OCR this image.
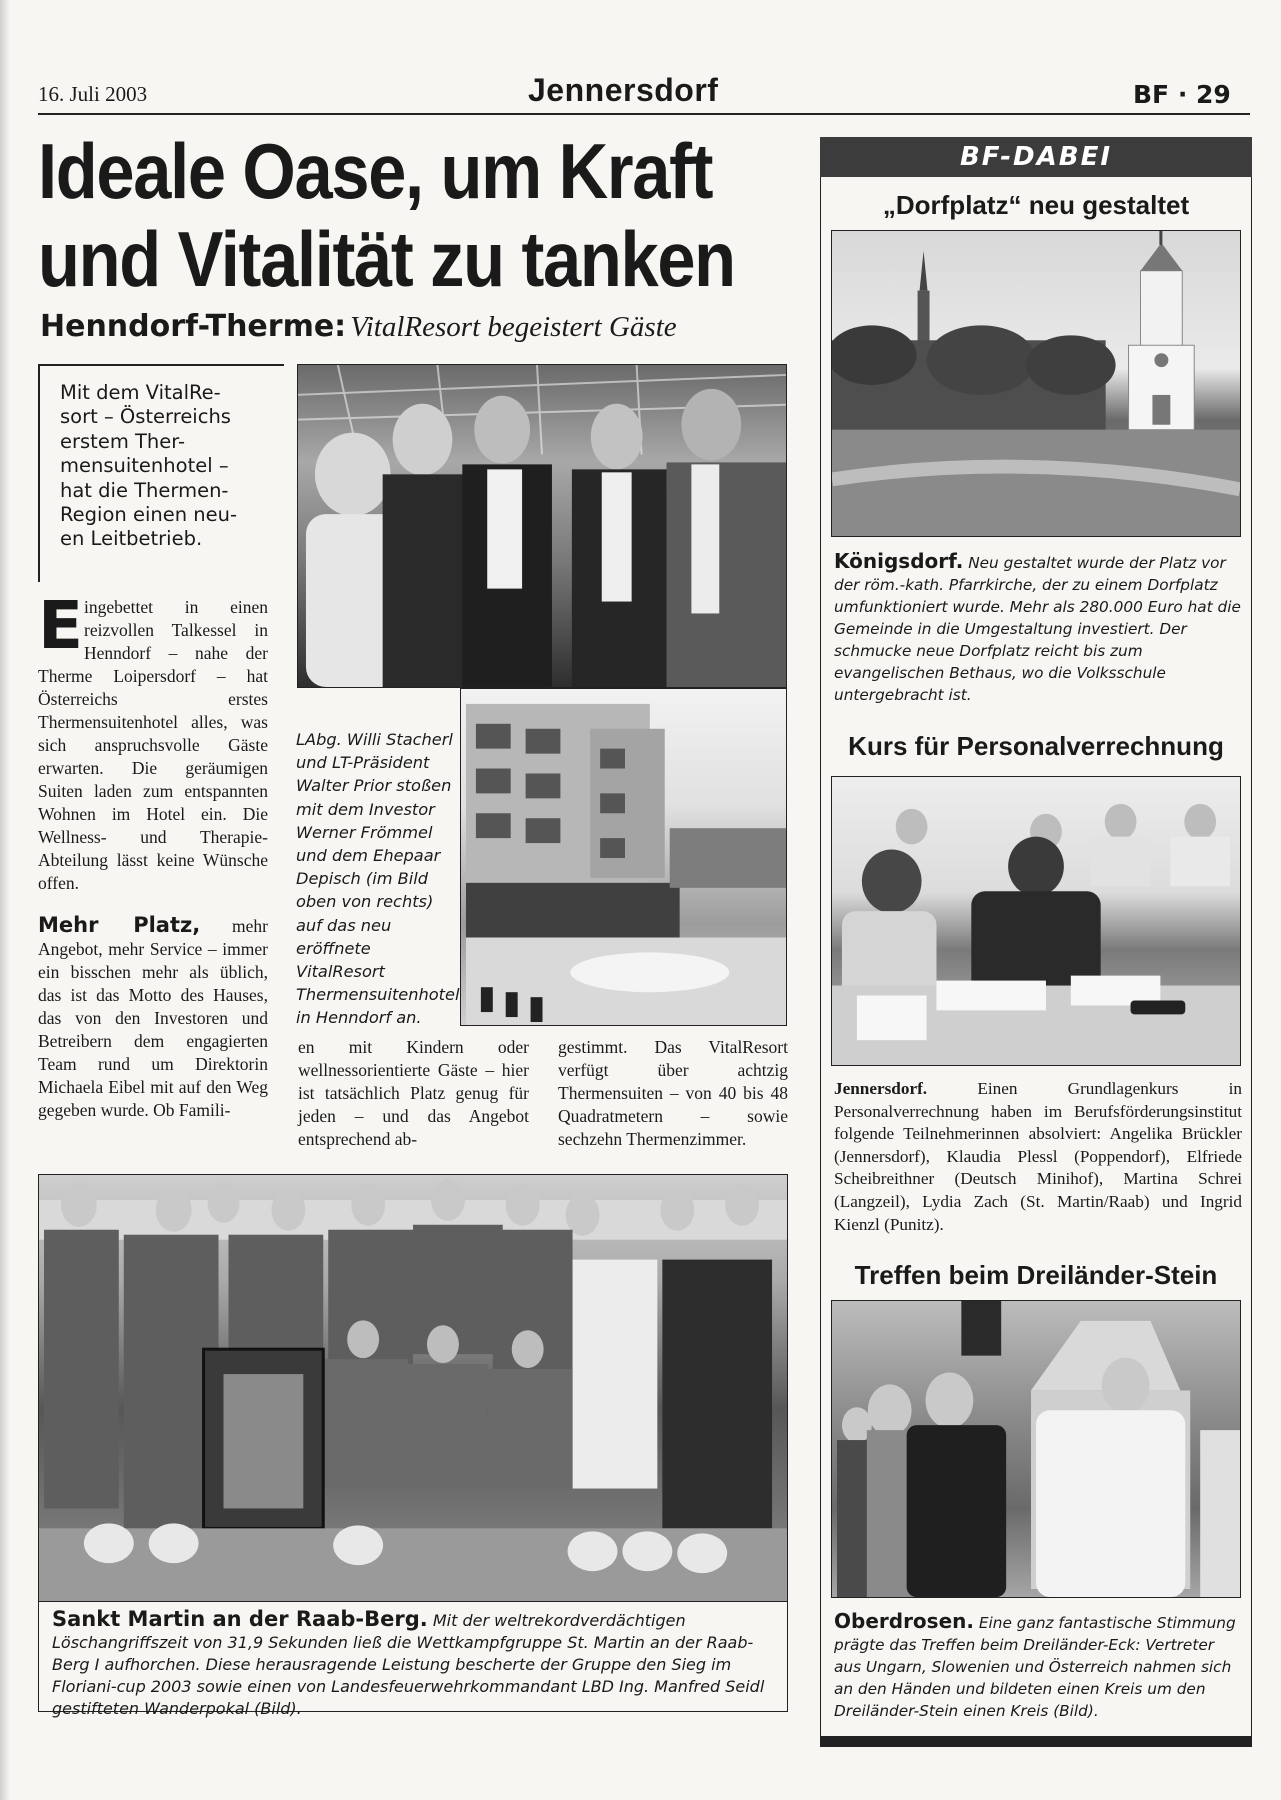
16. Juli 2003	Jennersdorf	BF · 29
Ideale Oase, um Kraft
und Vitalität zu tanken
Henndorf-Therme: VitalResort begeistert Gäste
Mit dem VitalRe-
sort – Österreichs
erstem Ther-
mensuitenhotel –
hat die Thermen-
Region einen neu-
en Leitbetrieb.
E ingebettet in einen
reizvollen Talkessel in
Henndorf – nahe der
Therme Loipersdorf – hat Österreichs erstes Thermensuitenhotel alles, was sich anspruchsvolle Gäste erwarten. Die geräumigen Suiten laden zum entspannten Wohnen im Hotel ein. Die Wellness- und Therapie-Abteilung lässt keine Wünsche offen.
Mehr Platz, mehr Angebot, mehr Service – immer ein bisschen mehr als üblich, das ist das Motto des Hauses, das von den Investoren und Betreibern dem engagierten Team rund um Direktorin Michaela Eibel mit auf den Weg gegeben wurde. Ob Famili-
LAbg. Willi Stacherl und LT-Präsident Walter Prior stoßen mit dem Investor Werner Frömmel und dem Ehepaar Depisch (im Bild oben von rechts) auf das neu eröffnete VitalResort Thermensuitenhotel in Henndorf an.
en mit Kindern oder wellnessorientierte Gäste – hier ist tatsächlich Platz genug für jeden – und das Angebot entsprechend ab-
gestimmt. Das VitalResort verfügt über achtzig Thermensuiten – von 40 bis 48 Quadratmetern – sowie sechzehn Thermenzimmer.
Sankt Martin an der Raab-Berg. Mit der weltrekordverdächtigen Löschangriffszeit von 31,9 Sekunden ließ die Wettkampfgruppe St. Martin an der Raab-Berg I aufhorchen. Diese herausragende Leistung bescherte der Gruppe den Sieg im Floriani-cup 2003 sowie einen von Landesfeuerwehrkommandant LBD Ing. Manfred Seidl gestifteten Wanderpokal (Bild).
BF-DABEI
„Dorfplatz“ neu gestaltet
Königsdorf. Neu gestaltet wurde der Platz vor der röm.-kath. Pfarrkirche, der zu einem Dorfplatz umfunktioniert wurde. Mehr als 280.000 Euro hat die Gemeinde in die Umgestaltung investiert. Der schmucke neue Dorfplatz reicht bis zum evangelischen Bethaus, wo die Volksschule untergebracht ist.
Kurs für Personalverrechnung
Jennersdorf.	Einen Grundlagenkurs in Personalverrechnung haben im Berufsförderungsinstitut folgende Teilnehmerinnen absolviert: Angelika Brückler (Jennersdorf), Klaudia Plessl (Poppendorf), Elfriede Scheibreithner (Deutsch Minihof), Martina Schrei (Langzeil), Lydia Zach (St. Martin/Raab) und Ingrid Kienzl (Punitz).
Treffen beim Dreiländer-Stein
Oberdrosen. Eine ganz fantastische Stimmung prägte das Treffen beim Dreiländer-Eck: Vertreter aus Ungarn, Slowenien und Österreich nahmen sich an den Händen und bildeten einen Kreis um den Dreiländer-Stein einen Kreis (Bild).
